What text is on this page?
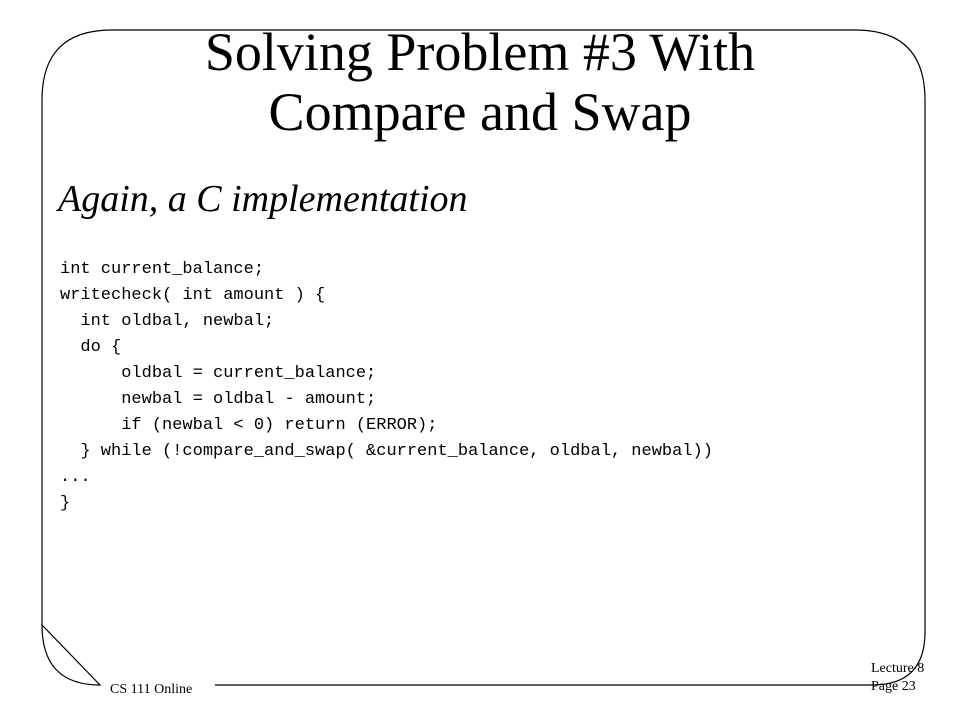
Solving Problem #3 With
Compare and Swap
Again, a C implementation
int current_balance;
writecheck( int amount ) {
int oldbal, newbal;
do {
oldbal = current_balance;
newbal = oldbal - amount;
if (newbal < 0) return (ERROR);
} while (!compare_and_swap( &current_balance, oldbal, newbal))
...
}
CS 111 Online
Lecture 8
Page 23
